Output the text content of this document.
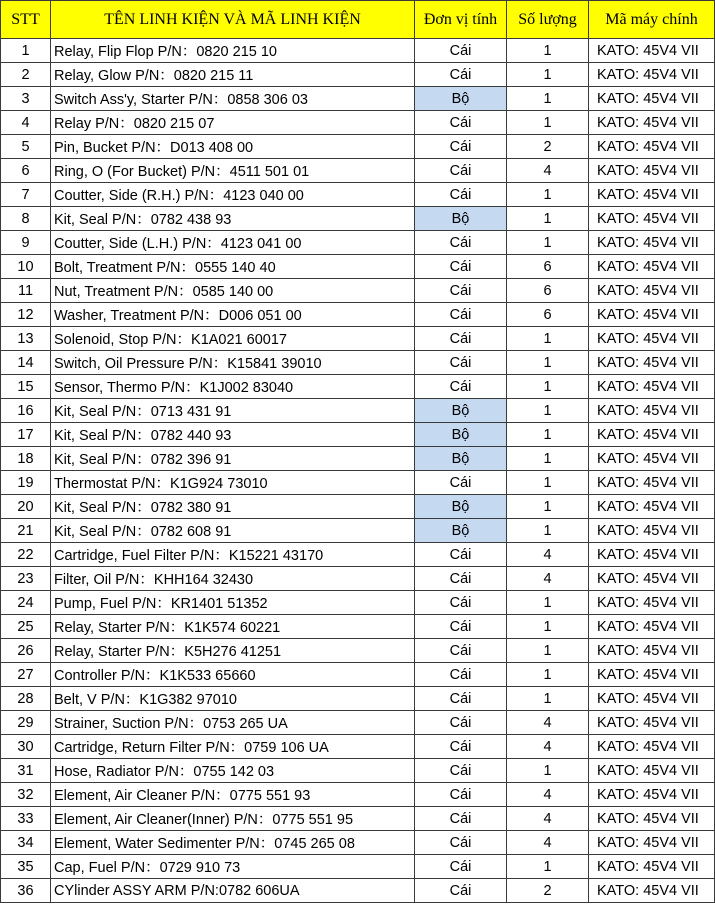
STT	TÊN LINH KIỆN VÀ MÃ LINH KIỆN	Đơn vị tính	Số lượng	Mã máy chính
1	Relay, Flip Flop P/N：0820 215 10	Cái	1	KATO: 45V4 VII
2	Relay, Glow P/N：0820 215 11	Cái	1	KATO: 45V4 VII
3	Switch Ass'y, Starter P/N：0858 306 03	Bộ	1	KATO: 45V4 VII
4	Relay P/N：0820 215 07	Cái	1	KATO: 45V4 VII
5	Pin, Bucket P/N：D013 408 00	Cái	2	KATO: 45V4 VII
6	Ring, O (For Bucket) P/N：4511 501 01	Cái	4	KATO: 45V4 VII
7	Coutter, Side (R.H.) P/N：4123 040 00	Cái	1	KATO: 45V4 VII
8	Kit, Seal P/N：0782 438 93	Bộ	1	KATO: 45V4 VII
9	Coutter, Side (L.H.) P/N：4123 041 00	Cái	1	KATO: 45V4 VII
10	Bolt, Treatment P/N：0555 140 40	Cái	6	KATO: 45V4 VII
11	Nut, Treatment P/N：0585 140 00	Cái	6	KATO: 45V4 VII
12	Washer, Treatment P/N：D006 051 00	Cái	6	KATO: 45V4 VII
13	Solenoid, Stop P/N：K1A021 60017	Cái	1	KATO: 45V4 VII
14	Switch, Oil Pressure P/N：K15841 39010	Cái	1	KATO: 45V4 VII
15	Sensor, Thermo P/N：K1J002 83040	Cái	1	KATO: 45V4 VII
16	Kit, Seal P/N：0713 431 91	Bộ	1	KATO: 45V4 VII
17	Kit, Seal P/N：0782 440 93	Bộ	1	KATO: 45V4 VII
18	Kit, Seal P/N：0782 396 91	Bộ	1	KATO: 45V4 VII
19	Thermostat P/N：K1G924 73010	Cái	1	KATO: 45V4 VII
20	Kit, Seal P/N：0782 380 91	Bộ	1	KATO: 45V4 VII
21	Kit, Seal P/N：0782 608 91	Bộ	1	KATO: 45V4 VII
22	Cartridge, Fuel Filter P/N：K15221 43170	Cái	4	KATO: 45V4 VII
23	Filter, Oil P/N：KHH164 32430	Cái	4	KATO: 45V4 VII
24	Pump, Fuel P/N：KR1401 51352	Cái	1	KATO: 45V4 VII
25	Relay, Starter P/N：K1K574 60221	Cái	1	KATO: 45V4 VII
26	Relay, Starter P/N：K5H276 41251	Cái	1	KATO: 45V4 VII
27	Controller P/N：K1K533 65660	Cái	1	KATO: 45V4 VII
28	Belt, V P/N：K1G382 97010	Cái	1	KATO: 45V4 VII
29	Strainer, Suction P/N：0753 265 UA	Cái	4	KATO: 45V4 VII
30	Cartridge, Return Filter P/N：0759 106 UA	Cái	4	KATO: 45V4 VII
31	Hose, Radiator P/N：0755 142 03	Cái	1	KATO: 45V4 VII
32	Element, Air Cleaner P/N：0775 551 93	Cái	4	KATO: 45V4 VII
33	Element, Air Cleaner(Inner) P/N：0775 551 95	Cái	4	KATO: 45V4 VII
34	Element, Water Sedimenter P/N：0745 265 08	Cái	4	KATO: 45V4 VII
35	Cap, Fuel P/N：0729 910 73	Cái	1	KATO: 45V4 VII
36	CYlinder ASSY ARM P/N:0782 606UA	Cái	2	KATO: 45V4 VII
